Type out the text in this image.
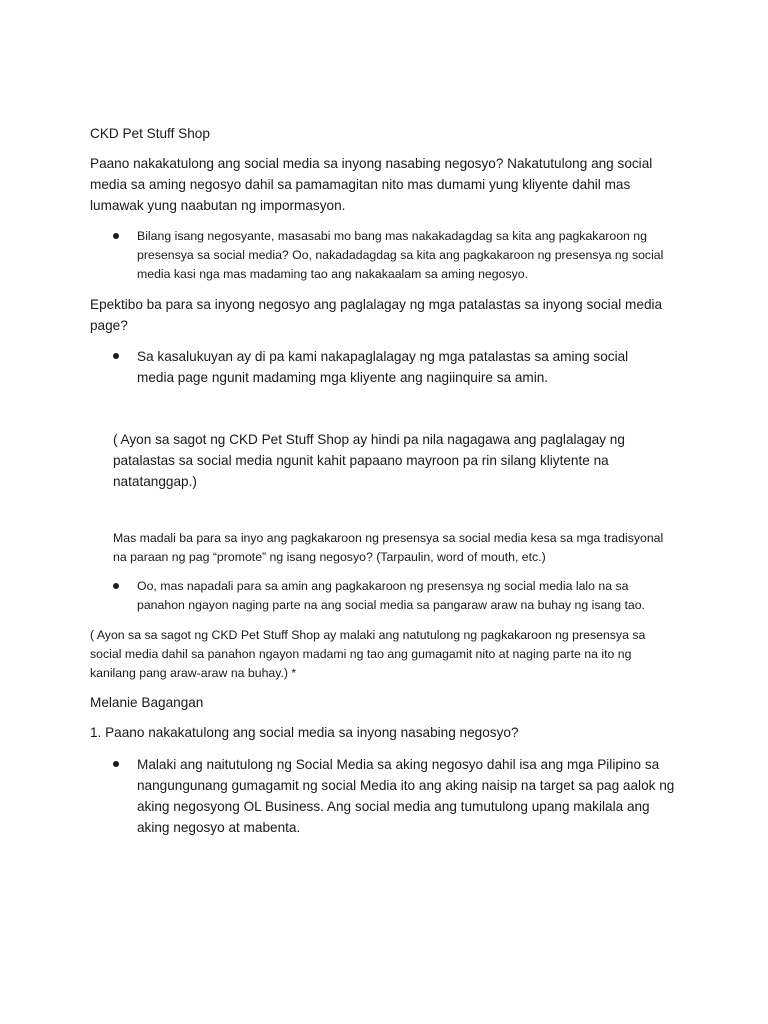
CKD Pet Stuff Shop

Paano nakakatulong ang social media sa inyong nasabing negosyo? Nakatutulong ang social media sa aming negosyo dahil sa pamamagitan nito mas dumami yung kliyente dahil mas lumawak yung naabutan ng impormasyon.

Bilang isang negosyante, masasabi mo bang mas nakakadagdag sa kita ang pagkakaroon ng presensya sa social media? Oo, nakadadagdag sa kita ang pagkakaroon ng presensya ng social media kasi nga mas madaming tao ang nakakaalam sa aming negosyo.

Epektibo ba para sa inyong negosyo ang paglalagay ng mga patalastas sa inyong social media page?

Sa kasalukuyan ay di pa kami nakapaglalagay ng mga patalastas sa aming social media page ngunit madaming mga kliyente ang nagiinquire sa amin.

( Ayon sa sagot ng CKD Pet Stuff Shop ay hindi pa nila nagagawa ang paglalagay ng patalastas sa social media ngunit kahit papaano mayroon pa rin silang kliytente na natatanggap.)

Mas madali ba para sa inyo ang pagkakaroon ng presensya sa social media kesa sa mga tradisyonal na paraan ng pag “promote” ng isang negosyo? (Tarpaulin, word of mouth, etc.)

Oo, mas napadali para sa amin ang pagkakaroon ng presensya ng social media lalo na sa panahon ngayon naging parte na ang social media sa pangaraw araw na buhay ng isang tao.

( Ayon sa sa sagot ng CKD Pet Stuff Shop ay malaki ang natutulong ng pagkakaroon ng presensya sa social media dahil sa panahon ngayon madami ng tao ang gumagamit nito at naging parte na ito ng kanilang pang araw-araw na buhay.) *

Melanie Bagangan

1. Paano nakakatulong ang social media sa inyong nasabing negosyo?

Malaki ang naitutulong ng Social Media sa aking negosyo dahil isa ang mga Pilipino sa nangungunang gumagamit ng social Media ito ang aking naisip na target sa pag aalok ng aking negosyong OL Business. Ang social media ang tumutulong upang makilala ang aking negosyo at mabenta.
